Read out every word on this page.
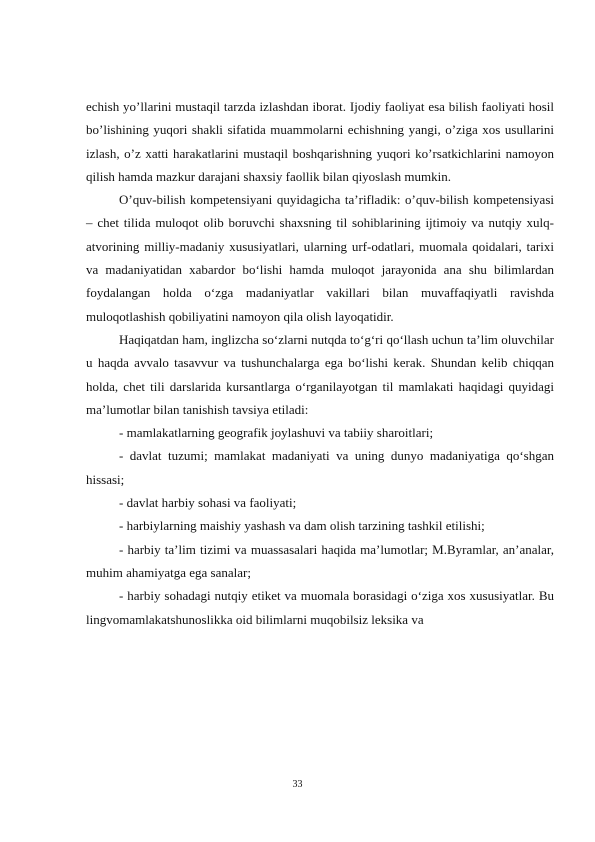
echish yo’llarini mustaqil tarzda izlashdan iborat. Ijodiy faoliyat esa bilish faoliyati hosil bo’lishining yuqori shakli sifatida muammolarni echishning yangi, o’ziga xos usullarini izlash, o’z xatti harakatlarini mustaqil boshqarishning yuqori ko’rsatkichlarini namoyon qilish hamda mazkur darajani shaxsiy faollik bilan qiyoslash mumkin.

O’quv-bilish kompetensiyani quyidagicha ta’rifladik: o’quv-bilish kompetensiyasi – chet tilida muloqot olib boruvchi shaxsning til sohiblarining ijtimoiy va nutqiy xulq-atvorining milliy-madaniy xususiyatlari, ularning urf-odatlari, muomala qoidalari, tarixi va madaniyatidan xabardor bo‘lishi hamda muloqot jarayonida ana shu bilimlardan foydalangan holda o‘zga madaniyatlar vakillari bilan muvaffaqiyatli ravishda muloqotlashish qobiliyatini namoyon qila olish layoqatidir.

Haqiqatdan ham, inglizcha so‘zlarni nutqda to‘g‘ri qo‘llash uchun ta’lim oluvchilar u haqda avvalo tasavvur va tushunchalarga ega bo‘lishi kerak. Shundan kelib chiqqan holda, chet tili darslarida kursantlarga o‘rganilayotgan til mamlakati haqidagi quyidagi ma’lumotlar bilan tanishish tavsiya etiladi:

- mamlakatlarning geografik joylashuvi va tabiiy sharoitlari;

- davlat tuzumi; mamlakat madaniyati va uning dunyo madaniyatiga qo‘shgan hissasi;

- davlat harbiy sohasi va faoliyati;

- harbiylarning maishiy yashash va dam olish tarzining tashkil etilishi;

- harbiy ta’lim tizimi va muassasalari haqida ma’lumotlar; M.Byramlar, an’analar, muhim ahamiyatga ega sanalar;

- harbiy sohadagi nutqiy etiket va muomala borasidagi o‘ziga xos xususiyatlar. Bu lingvomamlakatshunoslikka oid bilimlarni muqobilsiz leksika va

33
